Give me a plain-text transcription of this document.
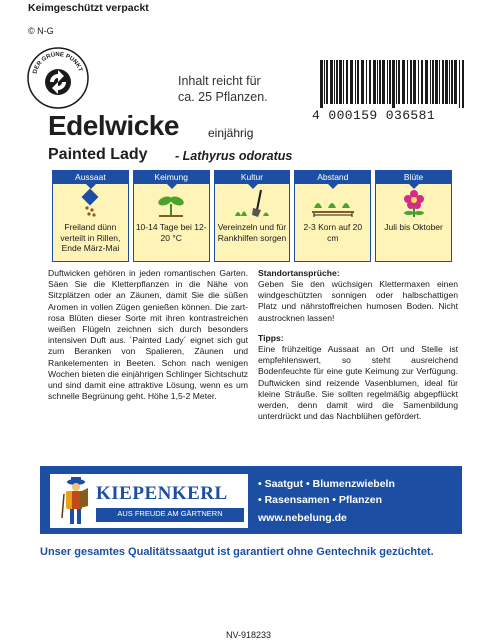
Keimgeschützt verpackt
© N-G
DER GRÜNE PUNKT
Inhalt reicht für
ca. 25 Pflanzen.
4 000159 036581
Edelwicke einjährig
Painted Lady - Lathyrus odoratus
Aussaat
Freiland dünn verteilt in Rillen, Ende März-Mai
Keimung
10-14 Tage bei 12-20 °C
Kultur
Vereinzeln und für Rankhilfen sorgen
Abstand
2-3 Korn auf 20 cm
Blüte
Juli bis Oktober
Duftwicken gehören in jeden romantischen Garten. Säen Sie die Kletterpflanzen in die Nähe von Sitzplätzen oder an Zäunen, damit Sie die süßen Aromen in vollen Zügen genießen können. Die zart-rosa Blüten dieser Sorte mit ihren kontrastreichen weißen Flügeln zeichnen sich durch besonders intensiven Duft aus. ´Painted Lady´ eignet sich gut zum Beranken von Spalieren, Zäunen und Rankelementen in Beeten. Schon nach wenigen Wochen bieten die einjährigen Schlinger Sichtschutz und sind damit eine attraktive Lösung, wenn es um schnelle Begrünung geht. Höhe 1,5-2 Meter.
Standortansprüche:
Geben Sie den wüchsigen Klettermaxen einen windgeschützten sonnigen oder halbschattigen Platz und nährstoffreichen humosen Boden. Nicht austrocknen lassen!
Tipps:
Eine frühzeitige Aussaat an Ort und Stelle ist empfehlenswert, so steht ausreichend Bodenfeuchte für eine gute Keimung zur Verfügung. Duftwicken sind reizende Vasenblumen, ideal für kleine Sträuße. Sie sollten regelmäßig abgepflückt werden, denn damit wird die Samenbildung unterdrückt und das Nachblühen gefördert.
KIEPENKERL
AUS FREUDE AM GÄRTNERN
• Saatgut • Blumenzwiebeln
• Rasensamen • Pflanzen
www.nebelung.de
Unser gesamtes Qualitätssaatgut ist garantiert ohne Gentechnik gezüchtet.
NV-918233
